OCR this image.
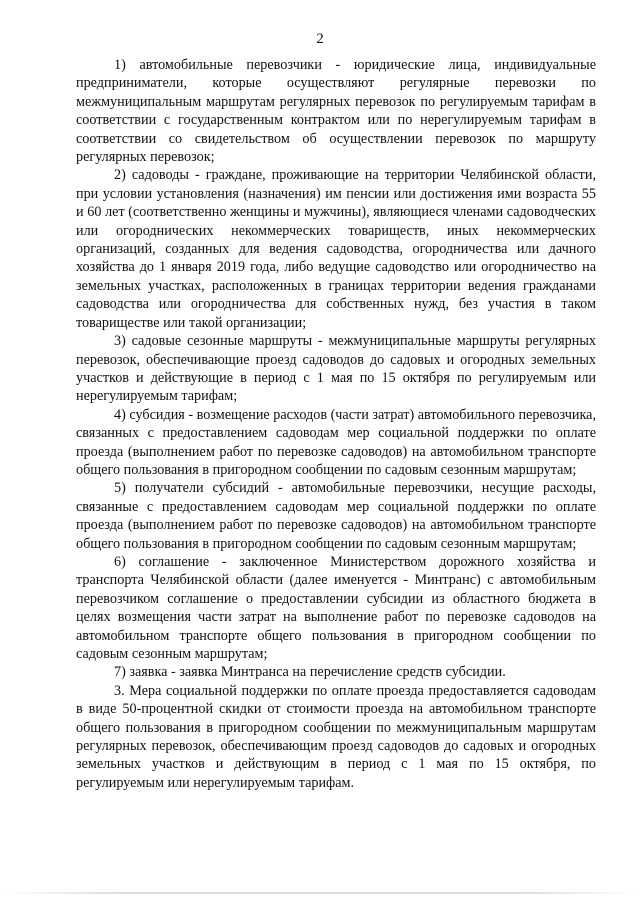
2

1) автомобильные перевозчики - юридические лица, индивидуальные предприниматели, которые осуществляют регулярные перевозки по межмуниципальным маршрутам регулярных перевозок по регулируемым тарифам в соответствии с государственным контрактом или по нерегулируемым тарифам в соответствии со свидетельством об осуществлении перевозок по маршруту регулярных перевозок;

2) садоводы - граждане, проживающие на территории Челябинской области, при условии установления (назначения) им пенсии или достижения ими возраста 55 и 60 лет (соответственно женщины и мужчины), являющиеся членами садоводческих или огороднических некоммерческих товариществ, иных некоммерческих организаций, созданных для ведения садоводства, огородничества или дачного хозяйства до 1 января 2019 года, либо ведущие садоводство или огородничество на земельных участках, расположенных в границах территории ведения гражданами садоводства или огородничества для собственных нужд, без участия в таком товариществе или такой организации;

3) садовые сезонные маршруты - межмуниципальные маршруты регулярных перевозок, обеспечивающие проезд садоводов до садовых и огородных земельных участков и действующие в период с 1 мая по 15 октября по регулируемым или нерегулируемым тарифам;

4) субсидия - возмещение расходов (части затрат) автомобильного перевозчика, связанных с предоставлением садоводам мер социальной поддержки по оплате проезда (выполнением работ по перевозке садоводов) на автомобильном транспорте общего пользования в пригородном сообщении по садовым сезонным маршрутам;

5) получатели субсидий - автомобильные перевозчики, несущие расходы, связанные с предоставлением садоводам мер социальной поддержки по оплате проезда (выполнением работ по перевозке садоводов) на автомобильном транспорте общего пользования в пригородном сообщении по садовым сезонным маршрутам;

6) соглашение - заключенное Министерством дорожного хозяйства и транспорта Челябинской области (далее именуется - Минтранс) с автомобильным перевозчиком соглашение о предоставлении субсидии из областного бюджета в целях возмещения части затрат на выполнение работ по перевозке садоводов на автомобильном транспорте общего пользования в пригородном сообщении по садовым сезонным маршрутам;

7) заявка - заявка Минтранса на перечисление средств субсидии.

3. Мера социальной поддержки по оплате проезда предоставляется садоводам в виде 50-процентной скидки от стоимости проезда на автомобильном транспорте общего пользования в пригородном сообщении по межмуниципальным маршрутам регулярных перевозок, обеспечивающим проезд садоводов до садовых и огородных земельных участков и действующим в период с 1 мая по 15 октября, по регулируемым или нерегулируемым тарифам.
